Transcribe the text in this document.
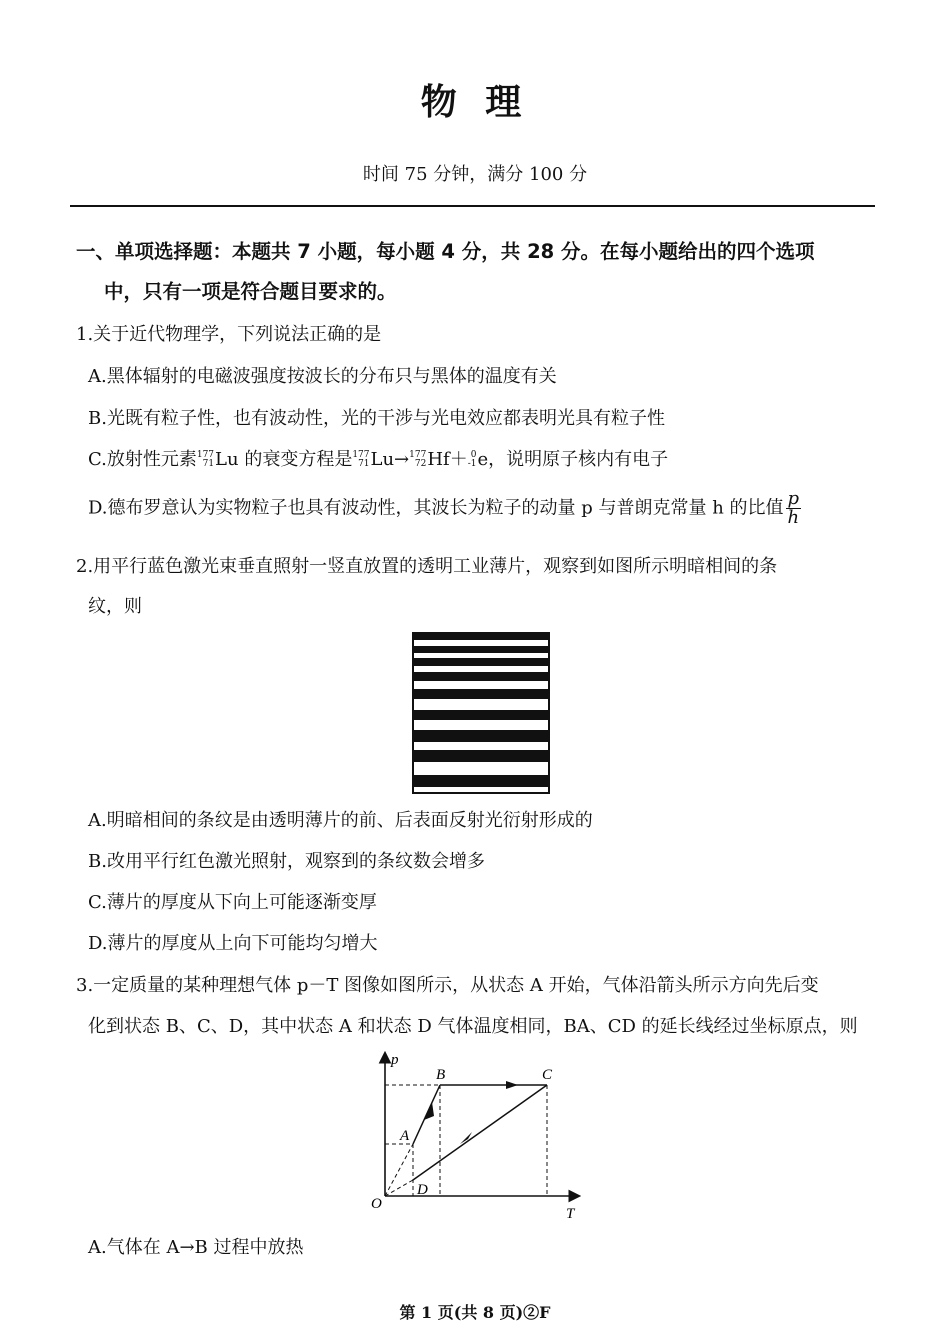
物 理
时间 75 分钟，满分 100 分
一、单项选择题：本题共 7 小题，每小题 4 分，共 28 分。在每小题给出的四个选项
中，只有一项是符合题目要求的。
1.关于近代物理学，下列说法正确的是
A.黑体辐射的电磁波强度按波长的分布只与黑体的温度有关
B.光既有粒子性，也有波动性，光的干涉与光电效应都表明光具有粒子性
C.放射性元素 177
71 Lu 的衰变方程是 177
71 Lu→ 177
72 Hf＋ 0
-1 e，说明原子核内有电子
D.德布罗意认为实物粒子也具有波动性，其波长为粒子的动量 p 与普朗克常量 h 的比值 $\frac{p}{h}$
2.用平行蓝色激光束垂直照射一竖直放置的透明工业薄片，观察到如图所示明暗相间的条
纹，则
A.明暗相间的条纹是由透明薄片的前、后表面反射光衍射形成的
B.改用平行红色激光照射，观察到的条纹数会增多
C.薄片的厚度从下向上可能逐渐变厚
D.薄片的厚度从上向下可能均匀增大
3.一定质量的某种理想气体 p－T 图像如图所示，从状态 A 开始，气体沿箭头所示方向先后变
化到状态 B、C、D，其中状态 A 和状态 D 气体温度相同，BA、CD 的延长线经过坐标原点，则
p
T
O
A
B	C
D
A.气体在 A→B 过程中放热
第 1 页(共 8 页)②F
